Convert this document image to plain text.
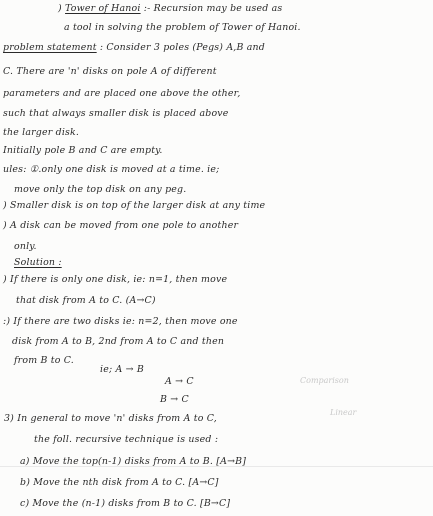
Comparison
Linear
) Tower of Hanoi :- Recursion may be used as
a tool in solving the problem of Tower of Hanoi.
problem statement : Consider 3 poles (Pegs) A,B and
C. There are 'n' disks on pole A of different
parameters and are placed one above the other,
such that always smaller disk is placed above
the larger disk.
Initially pole B and C are empty.
ules: ①.only one disk is moved at a time. ie;
move only the top disk on any peg.
) Smaller disk is on top of the larger disk at any time
) A disk can be moved from one pole to another
only.
Solution :
) If there is only one disk, ie: n=1, then move
that disk from A to C. (A→C)
:) If there are two disks ie: n=2, then move one
disk from A to B, 2nd from A to C and then
from B to C.
ie; A → B
A → C
B → C
3) In general to move 'n' disks from A to C,
the foll. recursive technique is used :
a) Move the top(n-1) disks from A to B. [A→B]
b) Move the nth disk from A to C. [A→C]
c) Move the (n-1) disks from B to C. [B→C]
